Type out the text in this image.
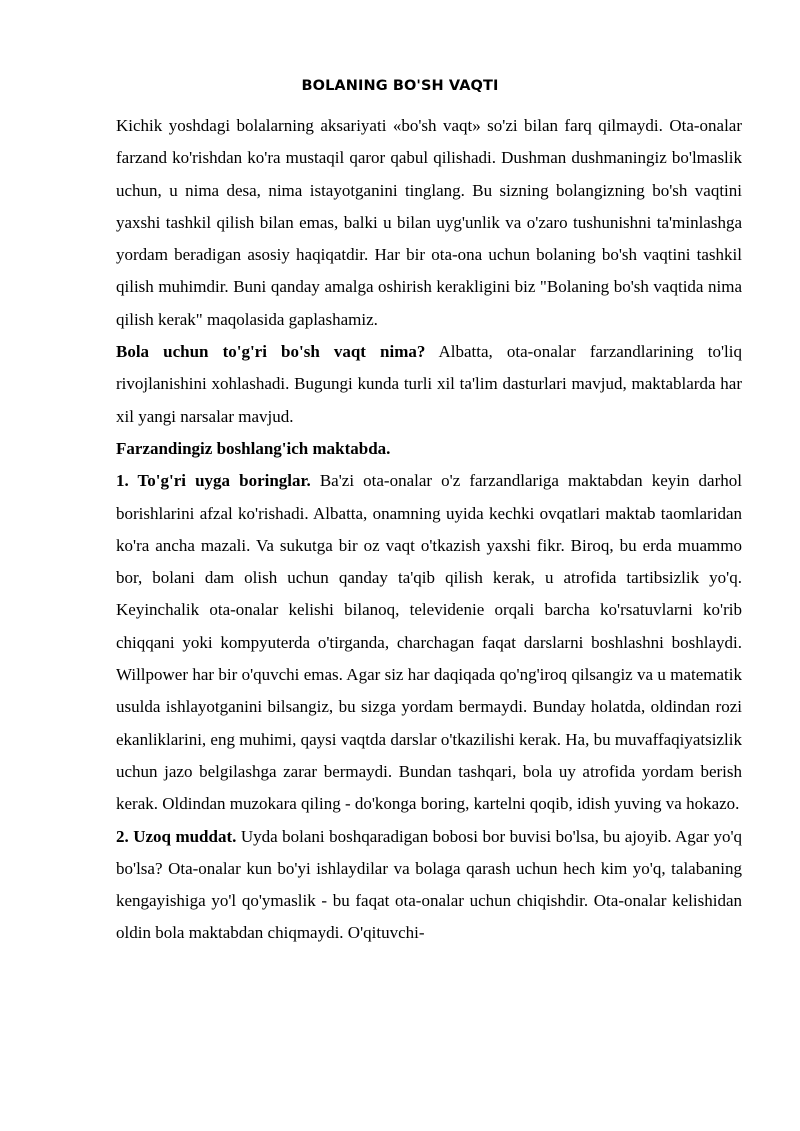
BOLANING BO'SH VAQTI

Kichik yoshdagi bolalarning aksariyati «bo'sh vaqt» so'zi bilan farq qilmaydi. Ota-onalar farzand ko'rishdan ko'ra mustaqil qaror qabul qilishadi. Dushman dushmaningiz bo'lmaslik uchun, u nima desa, nima istayotganini tinglang. Bu sizning bolangizning bo'sh vaqtini yaxshi tashkil qilish bilan emas, balki u bilan uyg'unlik va o'zaro tushunishni ta'minlashga yordam beradigan asosiy haqiqatdir. Har bir ota-ona uchun bolaning bo'sh vaqtini tashkil qilish muhimdir. Buni qanday amalga oshirish kerakligini biz "Bolaning bo'sh vaqtida nima qilish kerak" maqolasida gaplashamiz.

Bola uchun to'g'ri bo'sh vaqt nima? Albatta, ota-onalar farzandlarining to'liq rivojlanishini xohlashadi. Bugungi kunda turli xil ta'lim dasturlari mavjud, maktablarda har xil yangi narsalar mavjud.

Farzandingiz boshlang'ich maktabda.

1. To'g'ri uyga boringlar. Ba'zi ota-onalar o'z farzandlariga maktabdan keyin darhol borishlarini afzal ko'rishadi. Albatta, onamning uyida kechki ovqatlari maktab taomlaridan ko'ra ancha mazali. Va sukutga bir oz vaqt o'tkazish yaxshi fikr. Biroq, bu erda muammo bor, bolani dam olish uchun qanday ta'qib qilish kerak, u atrofida tartibsizlik yo'q. Keyinchalik ota-onalar kelishi bilanoq, televidenie orqali barcha ko'rsatuvlarni ko'rib chiqqani yoki kompyuterda o'tirganda, charchagan faqat darslarni boshlashni boshlaydi. Willpower har bir o'quvchi emas. Agar siz har daqiqada qo'ng'iroq qilsangiz va u matematik usulda ishlayotganini bilsangiz, bu sizga yordam bermaydi. Bunday holatda, oldindan rozi ekanliklarini, eng muhimi, qaysi vaqtda darslar o'tkazilishi kerak. Ha, bu muvaffaqiyatsizlik uchun jazo belgilashga zarar bermaydi. Bundan tashqari, bola uy atrofida yordam berish kerak. Oldindan muzokara qiling - do'konga boring, kartelni qoqib, idish yuving va hokazo.

2. Uzoq muddat. Uyda bolani boshqaradigan bobosi bor buvisi bo'lsa, bu ajoyib. Agar yo'q bo'lsa? Ota-onalar kun bo'yi ishlaydilar va bolaga qarash uchun hech kim yo'q, talabaning kengayishiga yo'l qo'ymaslik - bu faqat ota-onalar uchun chiqishdir. Ota-onalar kelishidan oldin bola maktabdan chiqmaydi. O'qituvchi-
